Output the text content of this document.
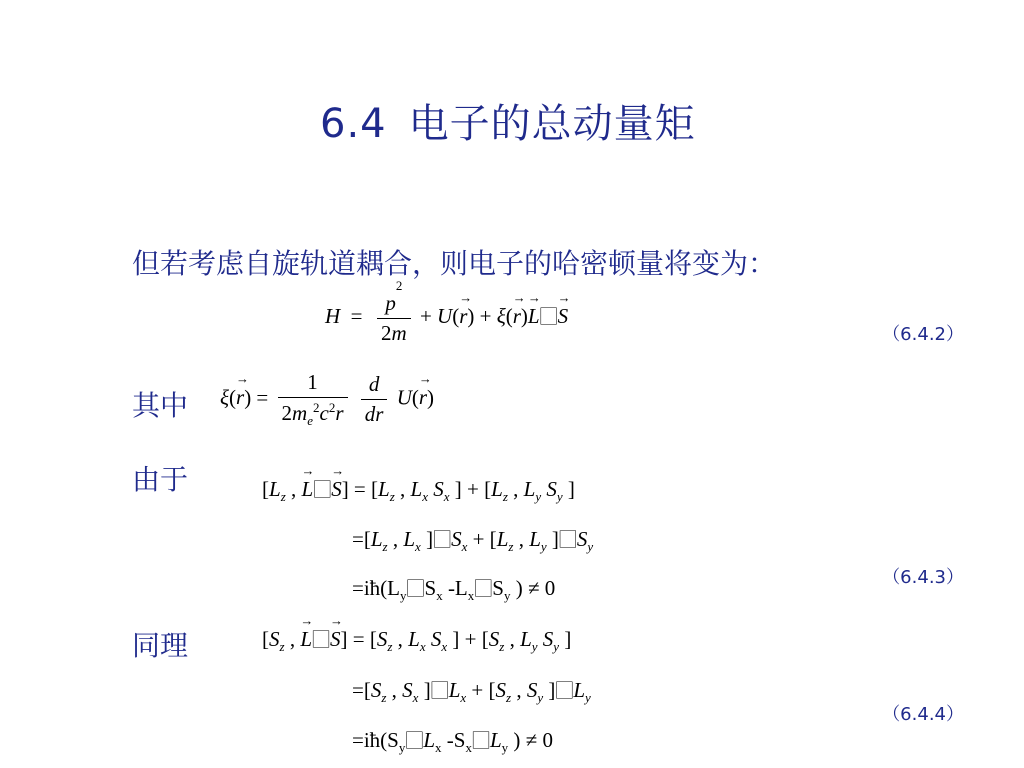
6.4 电子的总动量矩
但若考虑自旋轨道耦合，则电子的哈密顿量将变为：
$H = \frac{p^2}{2m} + U(\to r) + \xi(\to r)\to$ L⃞→ S
（6.4.2）
其中 $\xi(\to r) = \frac{1}{2m_e^2c^2r}$
$\frac{d}{dr} U(\to r)$
由于	[$L_z$ , → L⃞→ $S] = [L_z$ , $L_x$ $S_x$ ] + [$L_z$ , $L_y$ $S_y$ ]
$=[L_z$ , $L_x$ ]$⃞S_x + [L_z$ , $L_y$ ]$⃞S_y$
$=iħ(L_y⃞S_x$ $-L_x⃞S_y$ ) ≠ 0	（6.4.3）
同理	[$S_z$ , → L⃞→ $S] = [S_z$ , $L_x$ $S_x$ ] + [$S_z$ , $L_y$ $S_y$ ]
$=[S_z$ , $S_x$ ]$⃞L_x + [S_z$ , $S_y$ ]$⃞L_y$
$=iħ(S_y⃞L_x$ $-S_x⃞L_y$ ) ≠ 0
（6.4.4）
